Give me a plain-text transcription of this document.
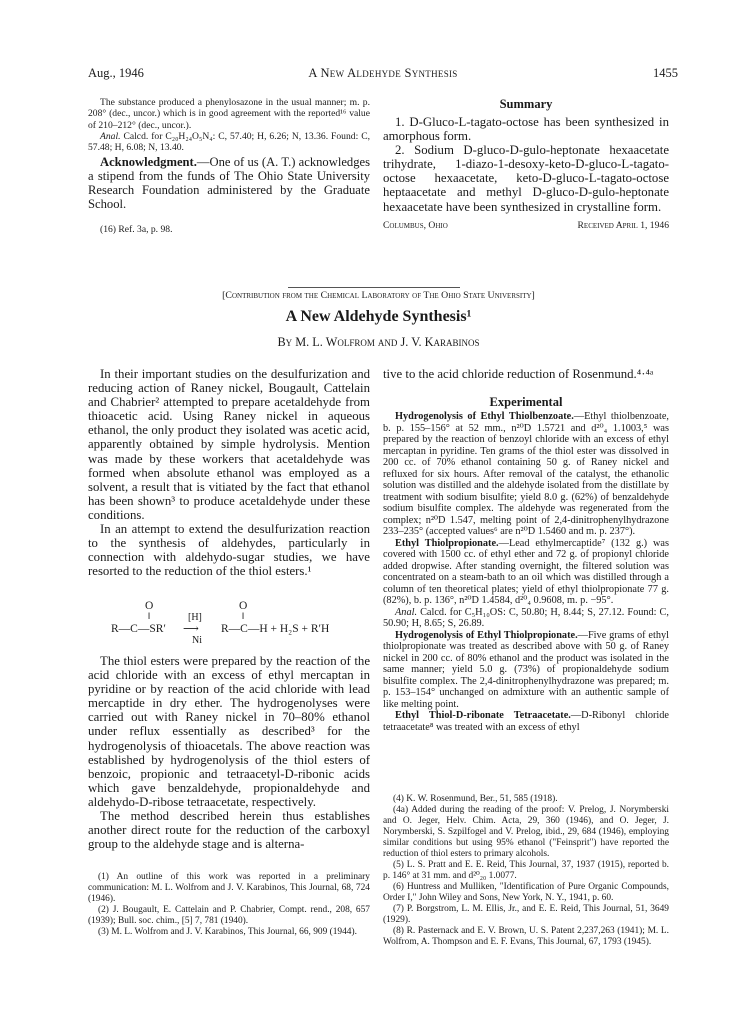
Aug., 1946	A New Aldehyde Synthesis	1455

The substance produced a phenylosazone in the usual manner; m. p. 208° (dec., uncor.) which is in good agreement with the reported¹⁶ value of 210–212° (dec., uncor.).

Anal. Calcd. for C₂₀H₂₄O₅N₄: C, 57.40; H, 6.26; N, 13.36. Found: C, 57.48; H, 6.08; N, 13.40.

Acknowledgment.—One of us (A. T.) acknowledges a stipend from the funds of The Ohio State University Research Foundation administered by the Graduate School.
(16) Ref. 3a, p. 98.
Summary

1. D-Gluco-L-tagato-octose has been synthesized in amorphous form.

2. Sodium D-gluco-D-gulo-heptonate hexaacetate trihydrate, 1-diazo-1-desoxy-keto-D-gluco-L-tagato-octose hexaacetate, keto-D-gluco-L-tagato-octose heptaacetate and methyl D-gluco-D-gulo-heptonate hexaacetate have been synthesized in crystalline form.

Columbus, Ohio	Received April 1, 1946
[Contribution from the Chemical Laboratory of The Ohio State University]
A New Aldehyde Synthesis¹
By M. L. Wolfrom and J. V. Karabinos

In their important studies on the desulfurization and reducing action of Raney nickel, Bougault, Cattelain and Chabrier² attempted to prepare acetaldehyde from thioacetic acid. Using Raney nickel in aqueous ethanol, the only product they isolated was acetic acid, apparently obtained by simple hydrolysis. Mention was made by these workers that acetaldehyde was formed when absolute ethanol was employed as a solvent, a result that is vitiated by the fact that ethanol has been shown³ to produce acetaldehyde under these conditions.

In an attempt to extend the desulfurization reaction to the synthesis of aldehydes, particularly in connection with aldehydo-sugar studies, we have resorted to the reduction of the thiol esters.¹

O
‖
O
‖
R—C—SR′
[H]
⟶
Ni
R—C—H + H₂S + R′H

The thiol esters were prepared by the reaction of the acid chloride with an excess of ethyl mercaptan in pyridine or by reaction of the acid chloride with lead mercaptide in dry ether. The hydrogenolyses were carried out with Raney nickel in 70–80% ethanol under reflux essentially as described³ for the hydrogenolysis of thioacetals. The above reaction was established by hydrogenolysis of the thiol esters of benzoic, propionic and tetraacetyl-D-ribonic acids which gave benzaldehyde, propionaldehyde and aldehydo-D-ribose tetraacetate, respectively.

The method described herein thus establishes another direct route for the reduction of the carboxyl group to the aldehyde stage and is alterna-

(1) An outline of this work was reported in a preliminary communication: M. L. Wolfrom and J. V. Karabinos, This Journal, 68, 724 (1946).
(2) J. Bougault, E. Cattelain and P. Chabrier, Compt. rend., 208, 657 (1939); Bull. soc. chim., [5] 7, 781 (1940).
(3) M. L. Wolfrom and J. V. Karabinos, This Journal, 66, 909 (1944).

tive to the acid chloride reduction of Rosenmund.⁴·⁴ᵃ

Experimental

Hydrogenolysis of Ethyl Thiolbenzoate.—Ethyl thiolbenzoate, b. p. 155–156° at 52 mm., n²⁰D 1.5721 and d²⁰₄ 1.1003,⁵ was prepared by the reaction of benzoyl chloride with an excess of ethyl mercaptan in pyridine. Ten grams of the thiol ester was dissolved in 200 cc. of 70% ethanol containing 50 g. of Raney nickel and refluxed for six hours. After removal of the catalyst, the ethanolic solution was distilled and the aldehyde isolated from the distillate by treatment with sodium bisulfite; yield 8.0 g. (62%) of benzaldehyde sodium bisulfite complex. The aldehyde was regenerated from the complex; n²⁰D 1.547, melting point of 2,4-dinitrophenylhydrazone 233–235° (accepted values⁶ are n²⁰D 1.5460 and m. p. 237°).

Ethyl Thiolpropionate.—Lead ethylmercaptide⁷ (132 g.) was covered with 1500 cc. of ethyl ether and 72 g. of propionyl chloride added dropwise. After standing overnight, the filtered solution was concentrated on a steam-bath to an oil which was distilled through a column of ten theoretical plates; yield of ethyl thiolpropionate 77 g. (82%), b. p. 136°, n²⁰D 1.4584, d²⁰₄ 0.9608, m. p. −95°.

Anal. Calcd. for C₅H₁₀OS: C, 50.80; H, 8.44; S, 27.12. Found: C, 50.90; H, 8.65; S, 26.89.

Hydrogenolysis of Ethyl Thiolpropionate.—Five grams of ethyl thiolpropionate was treated as described above with 50 g. of Raney nickel in 200 cc. of 80% ethanol and the product was isolated in the same manner; yield 5.0 g. (73%) of propionaldehyde sodium bisulfite complex. The 2,4-dinitrophenylhydrazone was prepared; m. p. 153–154° unchanged on admixture with an authentic sample of like melting point.

Ethyl Thiol-D-ribonate Tetraacetate.—D-Ribonyl chloride tetraacetate⁸ was treated with an excess of ethyl

(4) K. W. Rosenmund, Ber., 51, 585 (1918).
(4a) Added during the reading of the proof: V. Prelog, J. Norymberski and O. Jeger, Helv. Chim. Acta, 29, 360 (1946), and O. Jeger, J. Norymberski, S. Szpilfogel and V. Prelog, ibid., 29, 684 (1946), employing similar conditions but using 95% ethanol ("Feinsprit") have reported the reduction of thiol esters to primary alcohols.
(5) L. S. Pratt and E. E. Reid, This Journal, 37, 1937 (1915), reported b. p. 146° at 31 mm. and d²⁰₂₀ 1.0077.
(6) Huntress and Mulliken, "Identification of Pure Organic Compounds, Order I," John Wiley and Sons, New York, N. Y., 1941, p. 60.
(7) P. Borgstrom, L. M. Ellis, Jr., and E. E. Reid, This Journal, 51, 3649 (1929).
(8) R. Pasternack and E. V. Brown, U. S. Patent 2,237,263 (1941); M. L. Wolfrom, A. Thompson and E. F. Evans, This Journal, 67, 1793 (1945).
